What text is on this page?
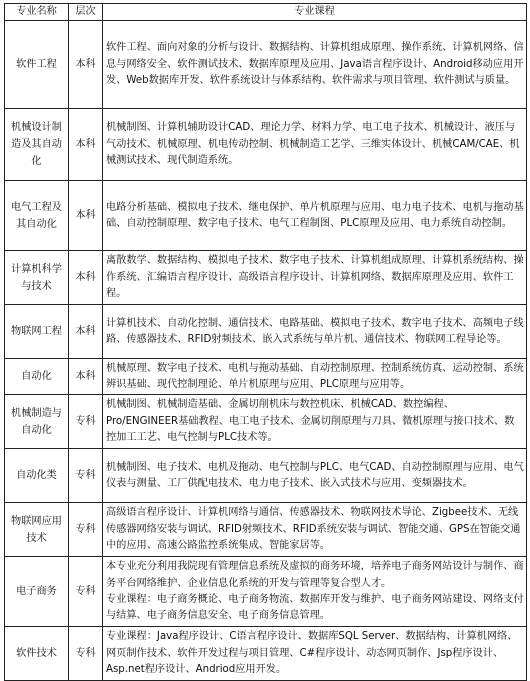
专业名称	层次	专业课程
软件工程	本科	软件工程、面向对象的分析与设计、数据结构、计算机组成原理、操作系统、计算机网络、信息与网络安全、软件测试技术、数据库原理及应用、Java语言程序设计、Android移动应用开发、Web数据库开发、软件系统设计与体系结构、软件需求与项目管理、软件测试与质量。
机械设计制造及其自动化	本科	机械制图、计算机辅助设计CAD、理论力学、材料力学、电工电子技术、机械设计、液压与气动技术、机械原理、机电传动控制、机械制造工艺学、三维实体设计、机械CAM/CAE、机械测试技术、现代制造系统。
电气工程及其自动化	本科	电路分析基础、模拟电子技术、继电保护、单片机原理与应用、电力电子技术、电机与拖动基础、自动控制原理、数字电子技术、电气工程制图、PLC原理及应用、电力系统自动控制。
计算机科学与技术	本科	离散数学、数据结构、模拟电子技术、数字电子技术、计算机组成原理、计算机系统结构、操作系统、汇编语言程序设计、高级语言程序设计、计算机网络、数据库原理及应用、软件工程。
物联网工程	本科	计算机技术、自动化控制、通信技术、电路基础、模拟电子技术、数字电子技术、高频电子线路、传感器技术、RFID射频技术、嵌入式系统与单片机、通信技术、物联网工程导论等。
自动化	本科	机械原理、数字电子技术、电机与拖动基础、自动控制原理、控制系统仿真、运动控制、系统辨识基础、现代控制理论、单片机原理与应用、PLC原理与应用等。
机械制造与自动化	专科	机械制图、机械制造基础、金属切削机床与数控机床、机械CAD、数控编程、Pro/ENGINEER基础教程、电工电子技术、金属切削原理与刀具、微机原理与接口技术、数控加工工艺、电气控制与PLC技术等。
自动化类	专科	机械制图、电子技术、电机及拖动、电气控制与PLC、电气CAD、自动控制原理与应用、电气仪表与测量、工厂供配电技术、电力电子技术、嵌入式技术与应用、变频器技术。
物联网应用技术	专科	高级语言程序设计、计算机网络与通信、传感器技术、物联网技术导论、Zigbee技术、无线传感器网络安装与调试、RFID射频技术、RFID系统安装与调试、智能交通、GPS在智能交通中的应用、高速公路监控系统集成、智能家居等。
电子商务	专科	本专业充分利用我院现有管理信息系统及虚拟的商务环境，培养电子商务网站设计与制作、商务平台网络维护、企业信息化系统的开发与管理等复合型人才。
专业课程：电子商务概论、电子商务物流、数据库开发与维护、电子商务网站建设、网络支付与结算、电子商务信息安全、电子商务信息管理。

软件技术	专科	专业课程：Java程序设计、C语言程序设计、数据库SQL Server、数据结构、计算机网络、网页制作技术、软件开发过程与项目管理、C#程序设计、动态网页制作、Jsp程序设计、Asp.net程序设计、Andriod应用开发。
